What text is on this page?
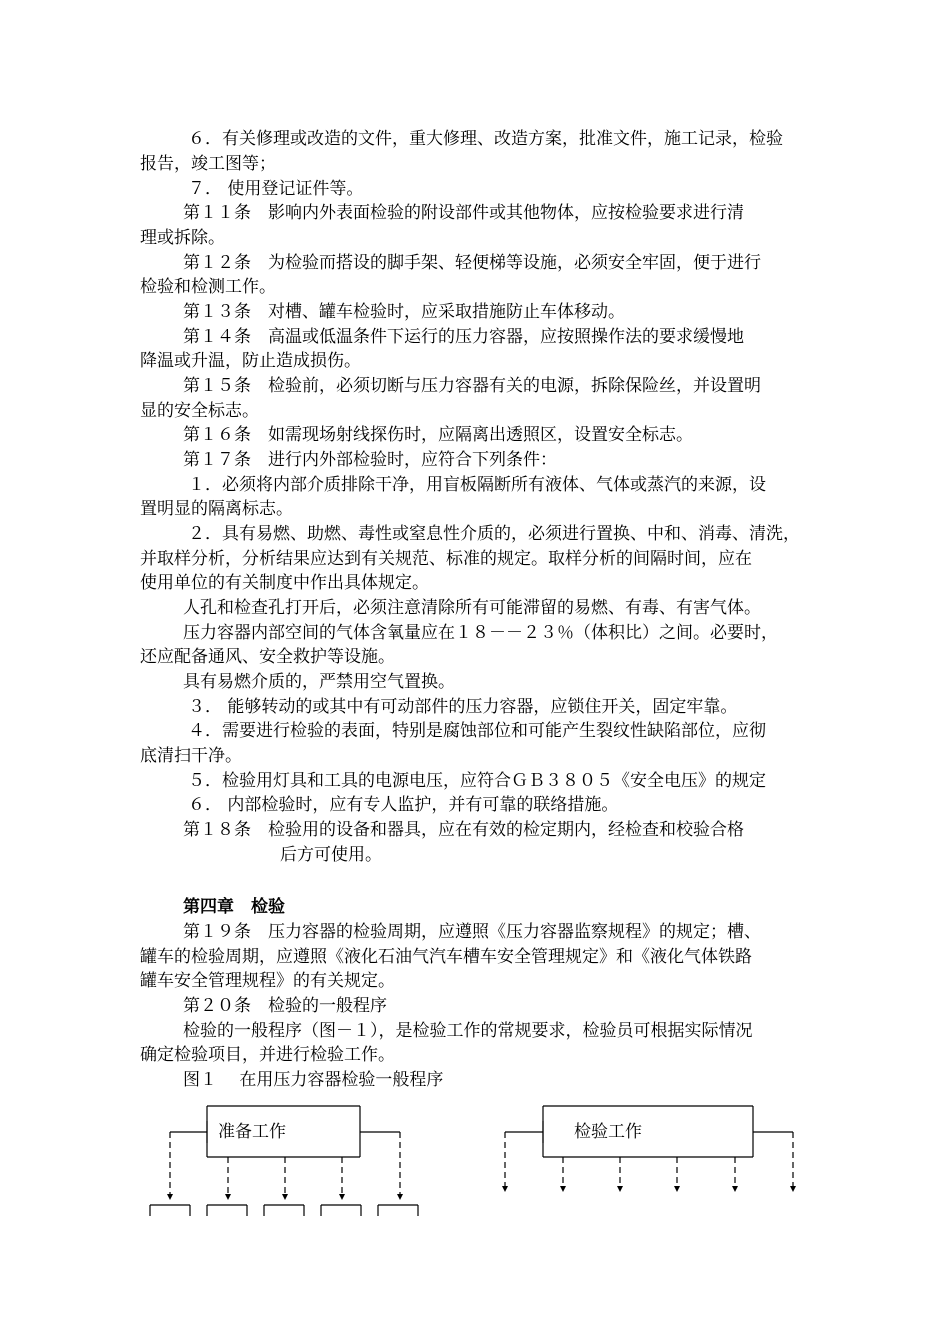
６．有关修理或改造的文件，重大修理、改造方案，批准文件，施工记录，检验
报告，竣工图等；
７． 使用登记证件等。
第１１条　影响内外表面检验的附设部件或其他物体，应按检验要求进行清
理或拆除。
第１２条　为检验而搭设的脚手架、轻便梯等设施，必须安全牢固，便于进行
检验和检测工作。
第１３条　对槽、罐车检验时，应采取措施防止车体移动。
第１４条　高温或低温条件下运行的压力容器，应按照操作法的要求缓慢地
降温或升温，防止造成损伤。
第１５条　检验前，必须切断与压力容器有关的电源，拆除保险丝，并设置明
显的安全标志。
第１６条　如需现场射线探伤时，应隔离出透照区，设置安全标志。
第１７条　进行内外部检验时，应符合下列条件：
１．必须将内部介质排除干净，用盲板隔断所有液体、气体或蒸汽的来源，设
置明显的隔离标志。
２．具有易燃、助燃、毒性或窒息性介质的，必须进行置换、中和、消毒、清洗，
并取样分析，分析结果应达到有关规范、标准的规定。取样分析的间隔时间，应在
使用单位的有关制度中作出具体规定。
人孔和检查孔打开后，必须注意清除所有可能滞留的易燃、有毒、有害气体。
压力容器内部空间的气体含氧量应在１８－－２３％（体积比）之间。必要时，
还应配备通风、安全救护等设施。
具有易燃介质的，严禁用空气置换。
３． 能够转动的或其中有可动部件的压力容器，应锁住开关，固定牢靠。
４．需要进行检验的表面，特别是腐蚀部位和可能产生裂纹性缺陷部位，应彻
底清扫干净。
５．检验用灯具和工具的电源电压，应符合ＧＢ３８０５《安全电压》的规定
６． 内部检验时，应有专人监护，并有可靠的联络措施。
第１８条　检验用的设备和器具，应在有效的检定期内，经检查和校验合格
后方可使用。
第四章　检验
第１９条　压力容器的检验周期，应遵照《压力容器监察规程》的规定；槽、
罐车的检验周期，应遵照《液化石油气汽车槽车安全管理规定》和《液化气体铁路
罐车安全管理规程》的有关规定。
第２０条　检验的一般程序
检验的一般程序（图－１），是检验工作的常规要求，检验员可根据实际情况
确定检验项目，并进行检验工作。
图１　 在用压力容器检验一般程序
准备工作	检验工作
